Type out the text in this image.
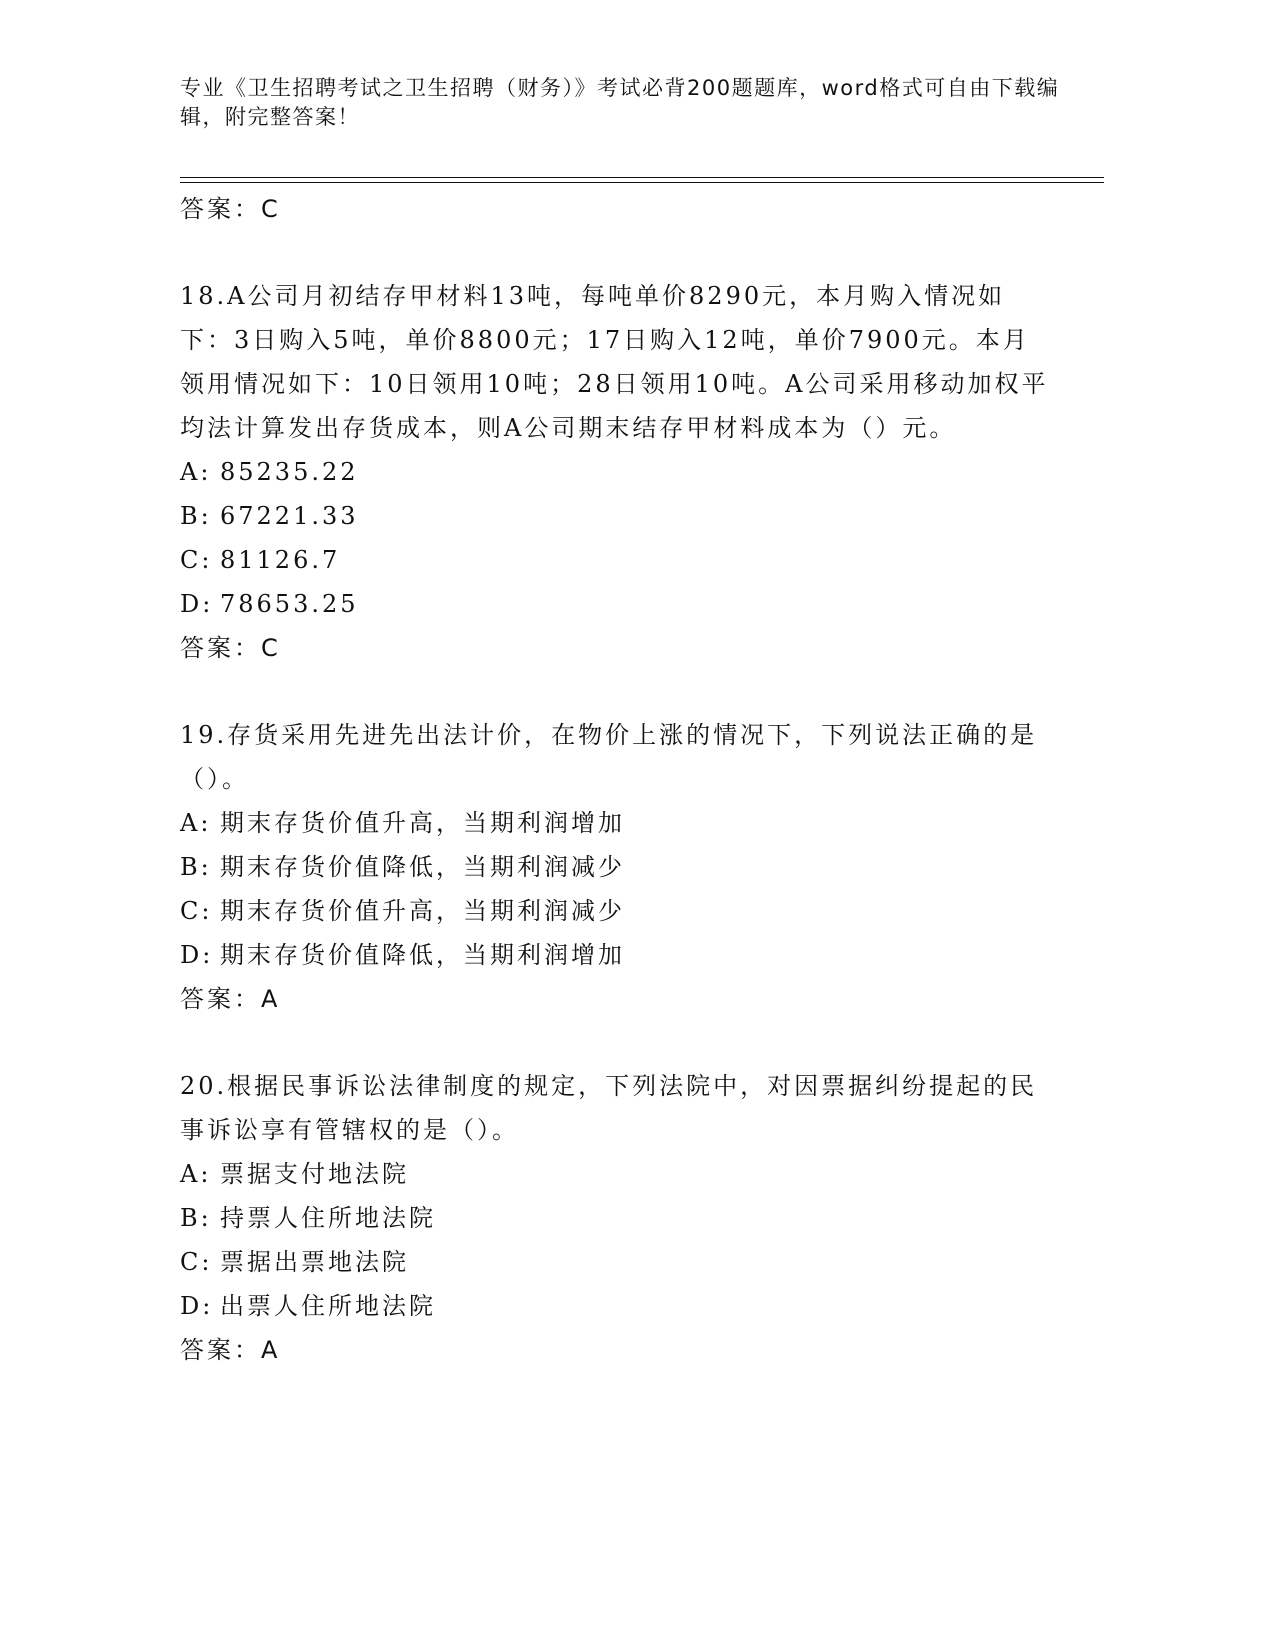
专业《卫生招聘考试之卫生招聘（财务）》考试必背200题题库，word格式可自由下载编辑，附完整答案！
答案：C

18.A公司月初结存甲材料13吨，每吨单价8290元，本月购入情况如下：3日购入5吨，单价8800元；17日购入12吨，单价7900元。本月领用情况如下：10日领用10吨；28日领用10吨。A公司采用移动加权平均法计算发出存货成本，则A公司期末结存甲材料成本为（）元。

A: 85235.22
B: 67221.33
C: 81126.7
D: 78653.25
答案：C

19.存货采用先进先出法计价，在物价上涨的情况下，下列说法正确的是（）。

A: 期末存货价值升高，当期利润增加
B: 期末存货价值降低，当期利润减少
C: 期末存货价值升高，当期利润减少
D: 期末存货价值降低，当期利润增加
答案：A

20.根据民事诉讼法律制度的规定，下列法院中，对因票据纠纷提起的民事诉讼享有管辖权的是（）。

A: 票据支付地法院
B: 持票人住所地法院
C: 票据出票地法院
D: 出票人住所地法院
答案：A
